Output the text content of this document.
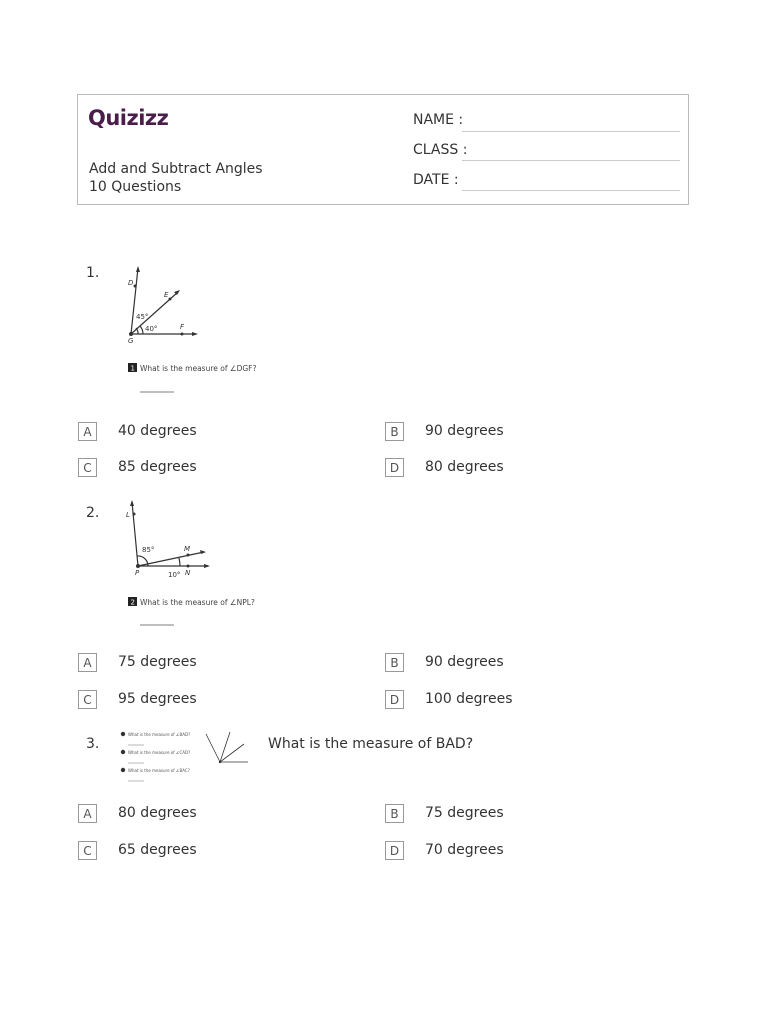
Quizizz
Add and Subtract Angles
10 Questions
NAME :
CLASS :
DATE :
1.
D
E
F
G
45°
40°
1 What is the measure of ∠DGF?
A	40 degrees	B	90 degrees
C	85 degrees	D	80 degrees
2.	L
M
N
P
85°
10°
2 What is the measure of ∠NPL?
A	75 degrees	B	90 degrees
C	95 degrees	D	100 degrees
3.
What is the measure of ∠BAD?
What is the measure of ∠CAD?
What is the measure of ∠BAC?
What is the measure of BAD?
A	80 degrees	B	75 degrees
C	65 degrees	D	70 degrees
